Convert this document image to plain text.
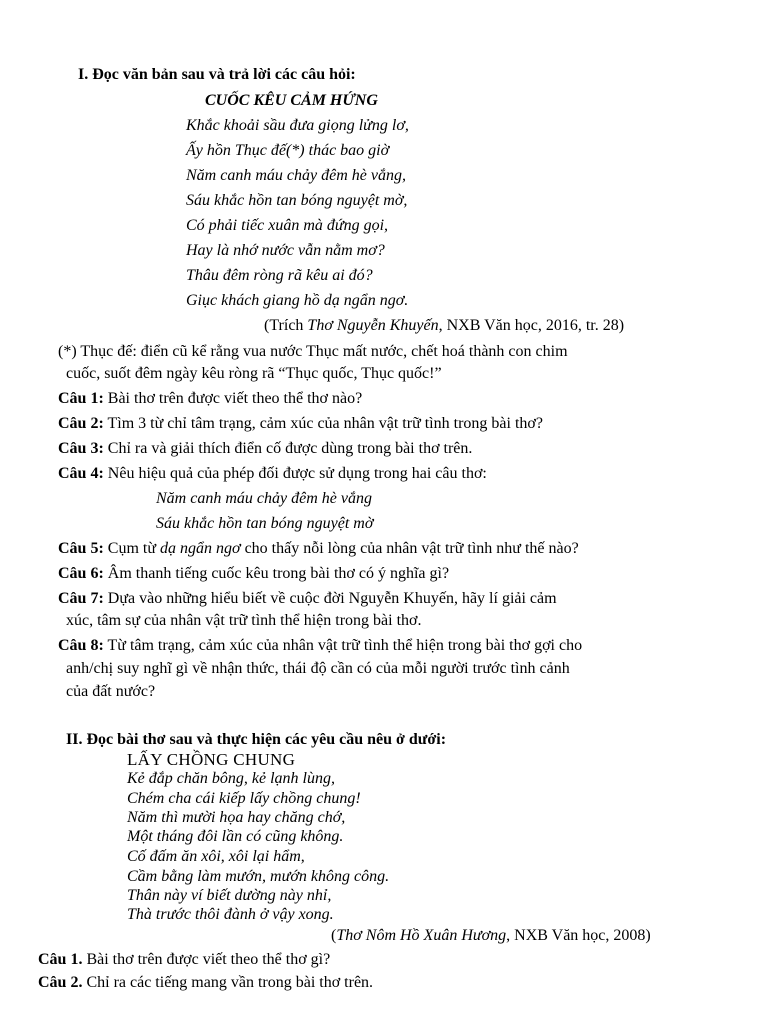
I. Đọc văn bản sau và trả lời các câu hỏi:
CUỐC KÊU CẢM HỨNG
Khắc khoải sầu đưa giọng lửng lơ,
Ấy hồn Thục đế(*) thác bao giờ
Năm canh máu chảy đêm hè vắng,
Sáu khắc hồn tan bóng nguyệt mờ,
Có phải tiếc xuân mà đứng gọi,
Hay là nhớ nước vẫn nằm mơ?
Thâu đêm ròng rã kêu ai đó?
Giục khách giang hồ dạ ngẩn ngơ.
(Trích Thơ Nguyễn Khuyến, NXB Văn học, 2016, tr. 28)
(*) Thục đế: điển cũ kể rằng vua nước Thục mất nước, chết hoá thành con chim
cuốc, suốt đêm ngày kêu ròng rã “Thục quốc, Thục quốc!”
Câu 1: Bài thơ trên được viết theo thể thơ nào?
Câu 2: Tìm 3 từ chỉ tâm trạng, cảm xúc của nhân vật trữ tình trong bài thơ?
Câu 3: Chỉ ra và giải thích điển cố được dùng trong bài thơ trên.
Câu 4: Nêu hiệu quả của phép đối được sử dụng trong hai câu thơ:
Năm canh máu chảy đêm hè vắng
Sáu khắc hồn tan bóng nguyệt mờ
Câu 5: Cụm từ dạ ngẩn ngơ cho thấy nỗi lòng của nhân vật trữ tình như thế nào?
Câu 6: Âm thanh tiếng cuốc kêu trong bài thơ có ý nghĩa gì?
Câu 7: Dựa vào những hiểu biết về cuộc đời Nguyễn Khuyến, hãy lí giải cảm
xúc, tâm sự của nhân vật trữ tình thể hiện trong bài thơ.
Câu 8: Từ tâm trạng, cảm xúc của nhân vật trữ tình thể hiện trong bài thơ gợi cho
anh/chị suy nghĩ gì về nhận thức, thái độ cần có của mỗi người trước tình cảnh
của đất nước?
II. Đọc bài thơ sau và thực hiện các yêu cầu nêu ở dưới:
LẤY CHỒNG CHUNG
Kẻ đắp chăn bông, kẻ lạnh lùng,
Chém cha cái kiếp lấy chồng chung!
Năm thì mười họa hay chăng chớ,
Một tháng đôi lần có cũng không.
Cố đấm ăn xôi, xôi lại hẩm,
Cầm bằng làm mướn, mướn không công.
Thân này ví biết dường này nhỉ,
Thà trước thôi đành ở vậy xong.
(Thơ Nôm Hồ Xuân Hương, NXB Văn học, 2008)
Câu 1. Bài thơ trên được viết theo thể thơ gì?
Câu 2. Chỉ ra các tiếng mang vần trong bài thơ trên.
